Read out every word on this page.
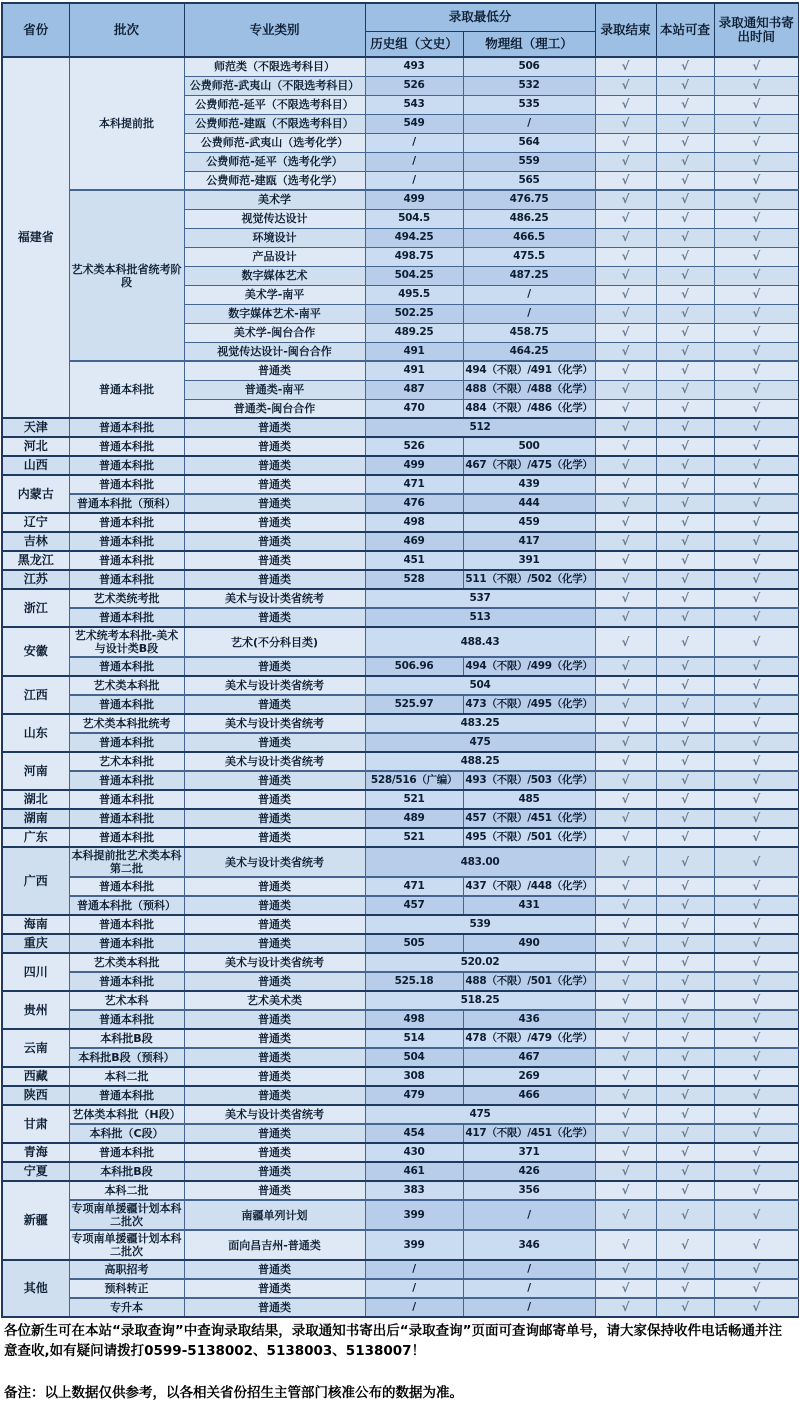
省份	批次	专业类别	录取最低分		录取结束	本站可查	录取通知书寄出时间
			历史组（文史）	物理组（理工）			
福建省	本科提前批	师范类（不限选考科目）	493	506	√	√	√
		公费师范-武夷山（不限选考科目）	526	532	√	√	√
		公费师范-延平（不限选考科目）	543	535	√	√	√
		公费师范-建瓯（不限选考科目）	549	/	√	√	√
		公费师范-武夷山（选考化学）	/	564	√	√	√
		公费师范-延平（选考化学）	/	559	√	√	√
		公费师范-建瓯（选考化学）	/	565	√	√	√
	艺术类本科批省统考阶段	美术学	499	476.75	√	√	√
		视觉传达设计	504.5	486.25	√	√	√
		环境设计	494.25	466.5	√	√	√
		产品设计	498.75	475.5	√	√	√
		数字媒体艺术	504.25	487.25	√	√	√
		美术学-南平	495.5	/	√	√	√
		数字媒体艺术-南平	502.25	/	√	√	√
		美术学-闽台合作	489.25	458.75	√	√	√
		视觉传达设计-闽台合作	491	464.25	√	√	√
	普通本科批	普通类	491	494（不限）/491（化学）	√	√	√
		普通类-南平	487	488（不限）/488（化学）	√	√	√
		普通类-闽台合作	470	484（不限）/486（化学）	√	√	√
天津	普通本科批	普通类	512		√	√	√
河北	普通本科批	普通类	526	500	√	√	√
山西	普通本科批	普通类	499	467（不限）/475（化学）	√	√	√
内蒙古	普通本科批	普通类	471	439	√	√	√
	普通本科批（预科）	普通类	476	444	√	√	√
辽宁	普通本科批	普通类	498	459	√	√	√
吉林	普通本科批	普通类	469	417	√	√	√
黑龙江	普通本科批	普通类	451	391	√	√	√
江苏	普通本科批	普通类	528	511（不限）/502（化学）	√	√	√
浙江	艺术类统考批	美术与设计类省统考	537		√	√	√
	普通本科批	普通类	513		√	√	√
安徽	艺术统考本科批-美术与设计类B段	艺术(不分科目类)	488.43		√	√	√
	普通本科批	普通类	506.96	494（不限）/499（化学）	√	√	√
江西	艺术类本科批	美术与设计类省统考	504		√	√	√
	普通本科批	普通类	525.97	473（不限）/495（化学）	√	√	√
山东	艺术类本科批统考	美术与设计类省统考	483.25		√	√	√
	普通本科批	普通类	475		√	√	√
河南	艺术本科批	美术与设计类省统考	488.25		√	√	√
	普通本科批	普通类	528/516（广编）	493（不限）/503（化学）	√	√	√
湖北	普通本科批	普通类	521	485	√	√	√
湖南	普通本科批	普通类	489	457（不限）/451（化学）	√	√	√
广东	普通本科批	普通类	521	495（不限）/501（化学）	√	√	√
广西	本科提前批艺术类本科第二批	美术与设计类省统考	483.00		√	√	√
	普通本科批	普通类	471	437（不限）/448（化学）	√	√	√
	普通本科批（预科）	普通类	457	431	√	√	√
海南	普通本科批	普通类	539		√	√	√
重庆	普通本科批	普通类	505	490	√	√	√
四川	艺术类本科批	美术与设计类省统考	520.02		√	√	√
	普通本科批	普通类	525.18	488（不限）/501（化学）	√	√	√
贵州	艺术本科	艺术美术类	518.25		√	√	√
	普通本科批	普通类	498	436	√	√	√
云南	本科批B段	普通类	514	478（不限）/479（化学）	√	√	√
	本科批B段（预科）	普通类	504	467	√	√	√
西藏	本科二批	普通类	308	269	√	√	√
陕西	普通本科批	普通类	479	466	√	√	√
甘肃	艺体类本科批（H段）	美术与设计类省统考	475		√	√	√
	本科批（C段）	普通类	454	417（不限）/451（化学）	√	√	√
青海	普通本科批	普通类	430	371	√	√	√
宁夏	本科批B段	普通类	461	426	√	√	√
新疆	本科二批	普通类	383	356	√	√	√
	专项南单援疆计划本科二批次	南疆单列计划	399	/	√	√	√
	专项南单援疆计划本科二批次	面向昌吉州-普通类	399	346	√	√	√
其他	高职招考	普通类	/	/	√	√	√
	预科转正	普通类	/	/	√	√	√
	专升本	普通类	/	/	√	√	√
各位新生可在本站“录取查询”中查询录取结果，录取通知书寄出后“录取查询”页面可查询邮寄单号，请大家保持收件电话畅通并注意查收,如有疑问请拨打0599-5138002、5138003、5138007！
备注：以上数据仅供参考，以各相关省份招生主管部门核准公布的数据为准。
